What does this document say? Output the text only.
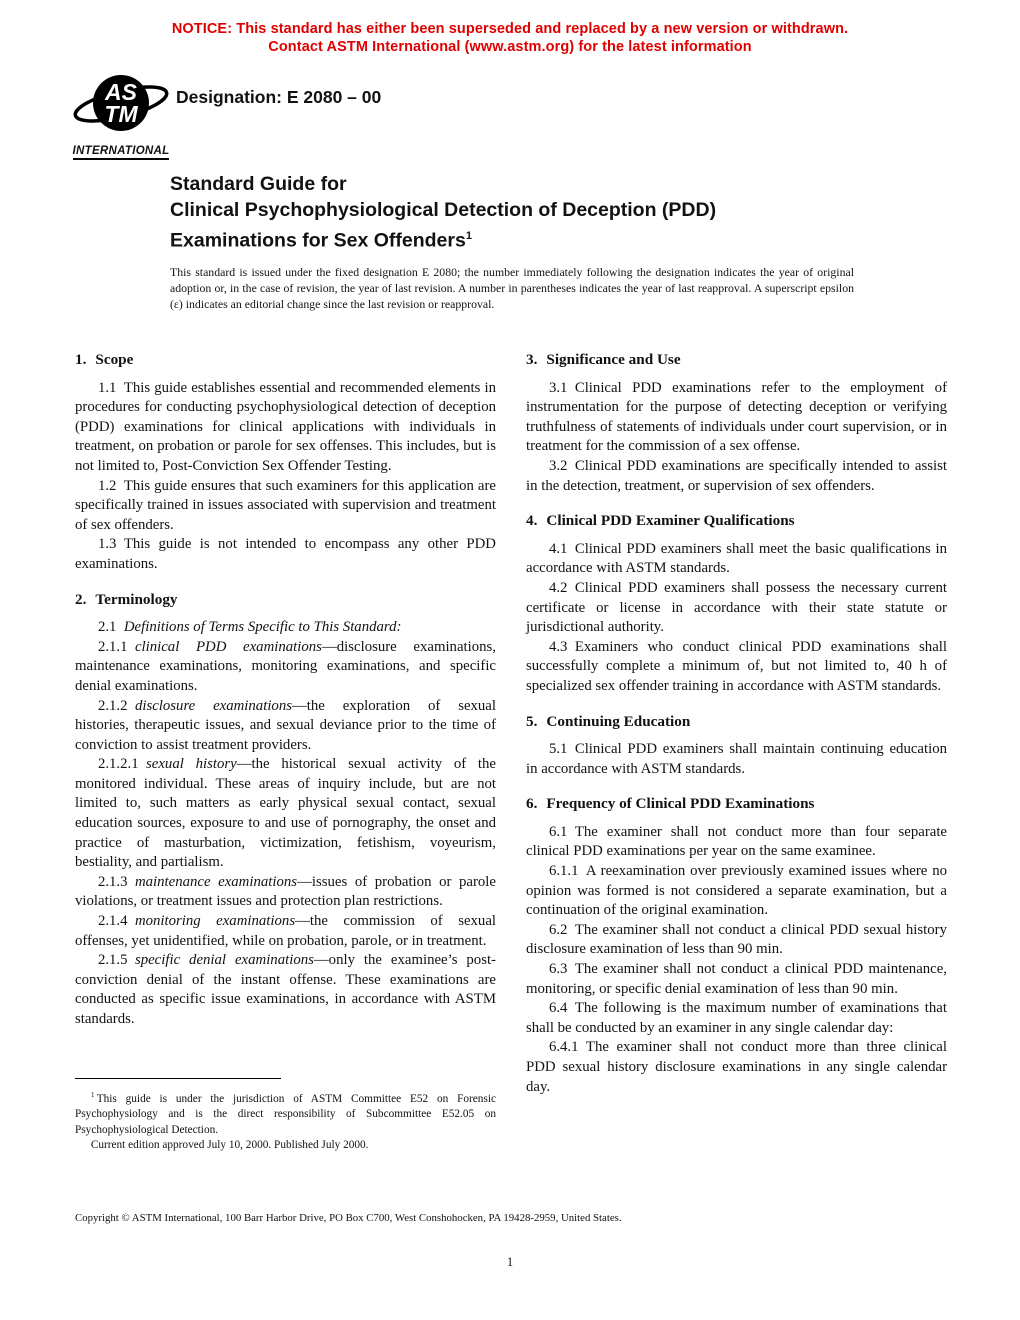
NOTICE: This standard has either been superseded and replaced by a new version or withdrawn.
Contact ASTM International (www.astm.org) for the latest information
AS
TM
INTERNATIONAL
Designation: E 2080 – 00
Standard Guide for
Clinical Psychophysiological Detection of Deception (PDD)
Examinations for Sex Offenders$^1$
This standard is issued under the fixed designation E 2080; the number immediately following the designation indicates the year of original adoption or, in the case of revision, the year of last revision. A number in parentheses indicates the year of last reapproval. A superscript epsilon (ε) indicates an editorial change since the last revision or reapproval.
1. Scope

1.1 This guide establishes essential and recommended elements in procedures for conducting psychophysiological detection of deception (PDD) examinations for clinical applications with individuals in treatment, on probation or parole for sex offenses. This includes, but is not limited to, Post-Conviction Sex Offender Testing.

1.2 This guide ensures that such examiners for this application are specifically trained in issues associated with supervision and treatment of sex offenders.

1.3 This guide is not intended to encompass any other PDD examinations.

2. Terminology

2.1 Definitions of Terms Specific to This Standard:

2.1.1 clinical PDD examinations—disclosure examinations, maintenance examinations, monitoring examinations, and specific denial examinations.

2.1.2 disclosure examinations—the exploration of sexual histories, therapeutic issues, and sexual deviance prior to the time of conviction to assist treatment providers.

2.1.2.1 sexual history—the historical sexual activity of the monitored individual. These areas of inquiry include, but are not limited to, such matters as early physical sexual contact, sexual education sources, exposure to and use of pornography, the onset and practice of masturbation, victimization, fetishism, voyeurism, bestiality, and partialism.

2.1.3 maintenance examinations—issues of probation or parole violations, or treatment issues and protection plan restrictions.

2.1.4 monitoring examinations—the commission of sexual offenses, yet unidentified, while on probation, parole, or in treatment.

2.1.5 specific denial examinations—only the examinee’s post-conviction denial of the instant offense. These examinations are conducted as specific issue examinations, in accordance with ASTM standards.

3. Significance and Use

3.1 Clinical PDD examinations refer to the employment of instrumentation for the purpose of detecting deception or verifying truthfulness of statements of individuals under court supervision, or in treatment for the commission of a sex offense.

3.2 Clinical PDD examinations are specifically intended to assist in the detection, treatment, or supervision of sex offenders.

4. Clinical PDD Examiner Qualifications

4.1 Clinical PDD examiners shall meet the basic qualifications in accordance with ASTM standards.

4.2 Clinical PDD examiners shall possess the necessary current certificate or license in accordance with their state statute or jurisdictional authority.

4.3 Examiners who conduct clinical PDD examinations shall successfully complete a minimum of, but not limited to, 40 h of specialized sex offender training in accordance with ASTM standards.

5. Continuing Education

5.1 Clinical PDD examiners shall maintain continuing education in accordance with ASTM standards.

6. Frequency of Clinical PDD Examinations

6.1 The examiner shall not conduct more than four separate clinical PDD examinations per year on the same examinee.

6.1.1 A reexamination over previously examined issues where no opinion was formed is not considered a separate examination, but a continuation of the original examination.

6.2 The examiner shall not conduct a clinical PDD sexual history disclosure examination of less than 90 min.

6.3 The examiner shall not conduct a clinical PDD maintenance, monitoring, or specific denial examination of less than 90 min.

6.4 The following is the maximum number of examinations that shall be conducted by an examiner in any single calendar day:

6.4.1 The examiner shall not conduct more than three clinical PDD sexual history disclosure examinations in any single calendar day.

$^1$ This guide is under the jurisdiction of ASTM Committee E52 on Forensic Psychophysiology and is the direct responsibility of Subcommittee E52.05 on Psychophysiological Detection.

Current edition approved July 10, 2000. Published July 2000.

Copyright © ASTM International, 100 Barr Harbor Drive, PO Box C700, West Conshohocken, PA 19428-2959, United States.
1
